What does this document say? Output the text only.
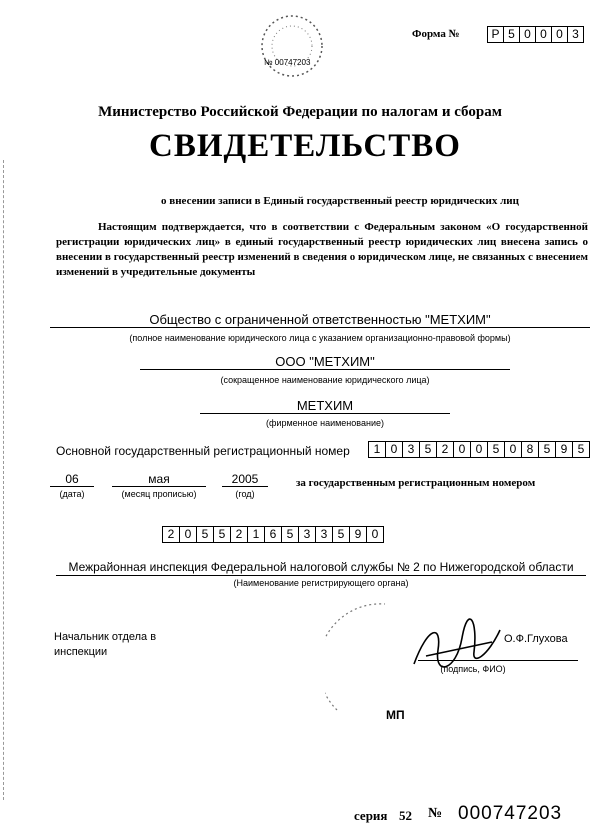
№ 00747203
Форма №	Р 5 0 0 0 3
Министерство Российской Федерации по налогам и сборам
СВИДЕТЕЛЬСТВО
о внесении записи в Единый государственный реестр юридических лиц
Настоящим подтверждается, что в соответствии с Федеральным законом «О государственной регистрации юридических лиц» в единый государственный реестр юридических лиц внесена запись о внесении в государственный реестр изменений в сведения о юридическом лице, не связанных с внесением изменений в учредительные документы
Общество с ограниченной ответственностью "МЕТХИМ"
(полное наименование юридического лица с указанием организационно-правовой формы)
ООО "МЕТХИМ"
(сокращенное наименование юридического лица)
МЕТХИМ
(фирменное наименование)
Основной государственный регистрационный номер	1 0 3 5 2 0 0 5 0 8 5 9 5
06
(дата)
мая
(месяц прописью)
2005
(год)
за государственным регистрационным номером
2 0 5 5 2 1 6 5 3 3 5 9 0
Межрайонная инспекция Федеральной налоговой службы № 2 по Нижегородской области
(Наименование регистрирующего органа)
Начальник отдела в инспекции
О.Ф.Глухова
(подпись, ФИО)
МП
серия 52 № 000747203
